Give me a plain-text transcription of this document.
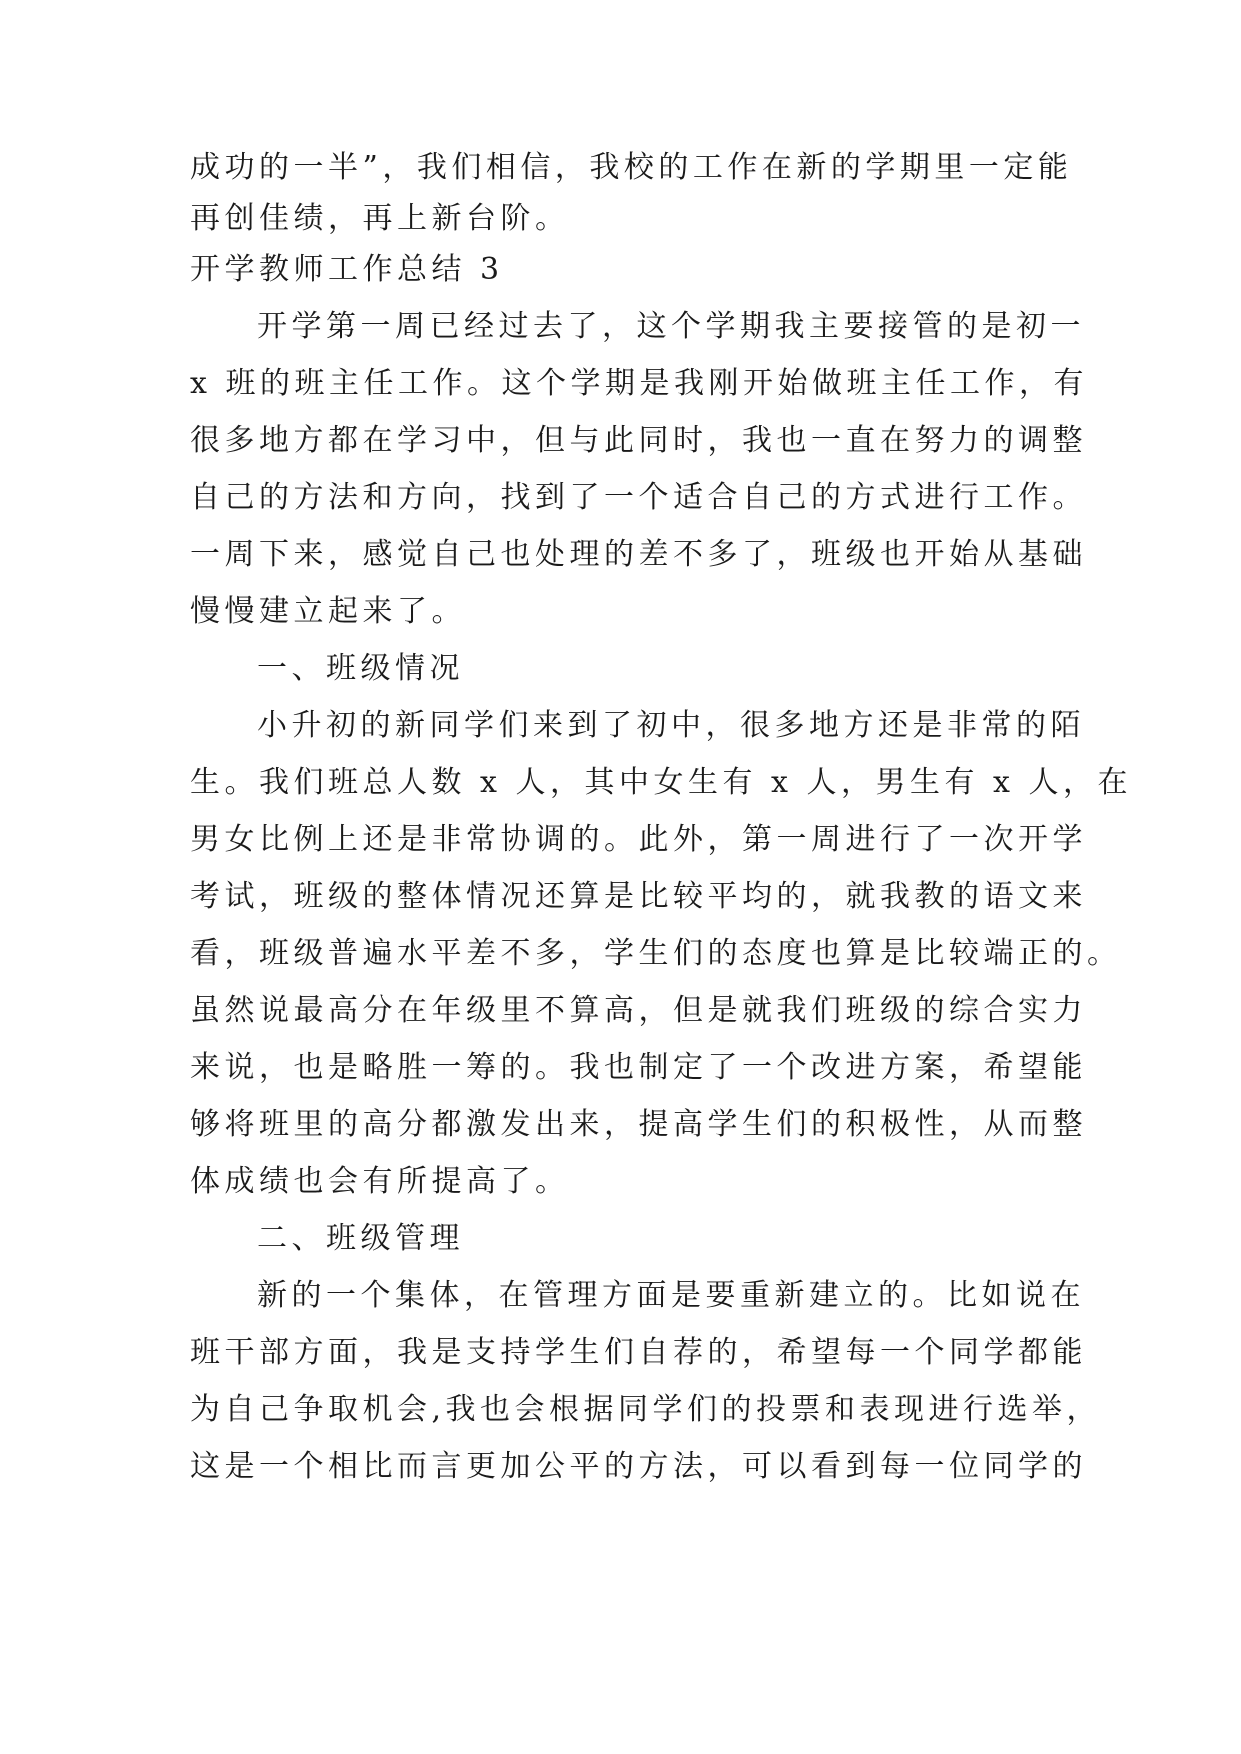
成功的一半”，我们相信，我校的工作在新的学期里一定能
再创佳绩，再上新台阶。
开学教师工作总结 3
开学第一周已经过去了，这个学期我主要接管的是初一
x 班的班主任工作。这个学期是我刚开始做班主任工作，有
很多地方都在学习中，但与此同时，我也一直在努力的调整
自己的方法和方向，找到了一个适合自己的方式进行工作。
一周下来，感觉自己也处理的差不多了，班级也开始从基础
慢慢建立起来了。
一、班级情况
小升初的新同学们来到了初中，很多地方还是非常的陌
生。我们班总人数 x 人，其中女生有 x 人，男生有 x 人，在
男女比例上还是非常协调的。此外，第一周进行了一次开学
考试，班级的整体情况还算是比较平均的，就我教的语文来
看，班级普遍水平差不多，学生们的态度也算是比较端正的。
虽然说最高分在年级里不算高，但是就我们班级的综合实力
来说，也是略胜一筹的。我也制定了一个改进方案，希望能
够将班里的高分都激发出来，提高学生们的积极性，从而整
体成绩也会有所提高了。
二、班级管理
新的一个集体，在管理方面是要重新建立的。比如说在
班干部方面，我是支持学生们自荐的，希望每一个同学都能
为自己争取机会,我也会根据同学们的投票和表现进行选举，
这是一个相比而言更加公平的方法，可以看到每一位同学的
